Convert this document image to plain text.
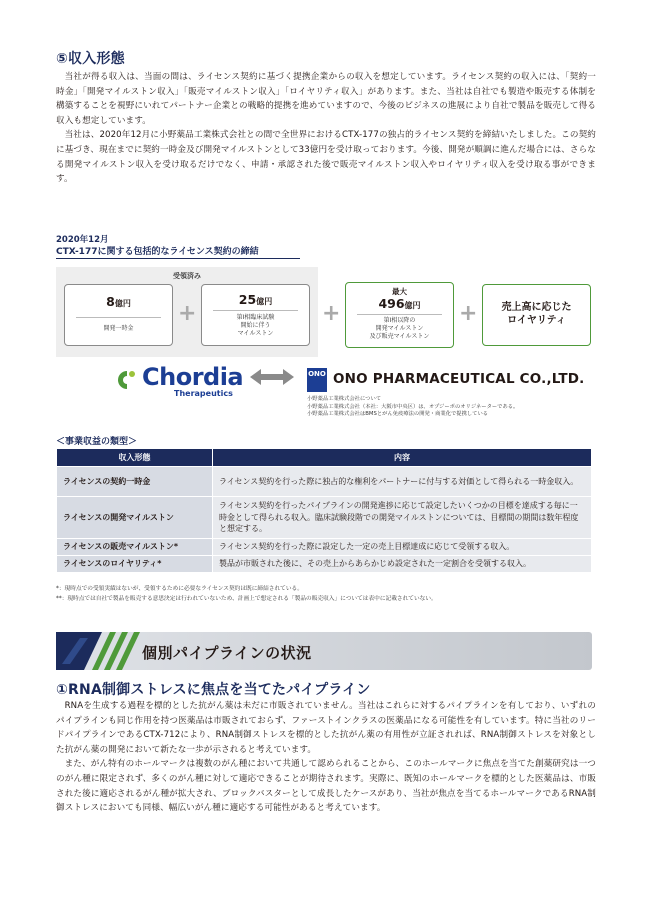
⑤収入形態

当社が得る収入は、当面の間は、ライセンス契約に基づく提携企業からの収入を想定しています。ライセンス契約の収入には、「契約一時金」「開発マイルストン収入」「販売マイルストン収入」「ロイヤリティ収入」があります。また、当社は自社でも製造や販売する体制を構築することを視野にいれてパートナー企業との戦略的提携を進めていますので、今後のビジネスの進展により自社で製品を販売して得る収入も想定しています。

当社は、2020年12月に小野薬品工業株式会社との間で全世界におけるCTX-177の独占的ライセンス契約を締結いたしました。この契約に基づき、現在までに契約一時金及び開発マイルストンとして33億円を受け取っております。今後、開発が順調に進んだ場合には、さらなる開発マイルストン収入を受け取るだけでなく、申請・承認された後で販売マイルストン収入やロイヤリティ収入を受け取る事ができます。

2020年12月
CTX-177に関する包括的なライセンス契約の締結
受領済み
8億円
開発一時金
+
25億円
第Ⅰ相臨床試験
開始に伴う
マイルストン
+
最大
496億円
第Ⅰ相以降の
開発マイルストン
及び販売マイルストン
+	売上高に応じた
ロイヤリティ
Chordia
Therapeutics
ONO ONO PHARMACEUTICAL CO.,LTD.
小野薬品工業株式会社について
小野薬品工業株式会社（本社：大阪市中央区）は、オプジーボのオリジネーターである。
小野薬品工業株式会社はBMSとがん免疫療法の開発・商業化で提携している
＜事業収益の類型＞
収入形態	内容
ライセンスの契約一時金	ライセンス契約を行った際に独占的な権利をパートナーに付与する対価として得られる一時金収入。
ライセンスの開発マイルストン	ライセンス契約を行ったパイプラインの開発進捗に応じて設定したいくつかの目標を達成する毎に一時金として得られる収入。臨床試験段階での開発マイルストンについては、目標間の期間は数年程度と想定する。
ライセンスの販売マイルストン*	ライセンス契約を行った際に設定した一定の売上目標達成に応じて受領する収入。
ライセンスのロイヤリティ*	製品が市販された後に、その売上からあらかじめ設定された一定割合を受領する収入。
*：現時点での受領実績はないが、受領するために必要なライセンス契約は既に締結されている。
**：現時点では自社で製品を販売する意思決定は行われていないため、計画上で想定される「製品の販売収入」については表中に記載されていない。
個別パイプラインの状況
①RNA制御ストレスに焦点を当てたパイプライン

RNAを生成する過程を標的とした抗がん薬は未だに市販されていません。当社はこれらに対するパイプラインを有しており、いずれのパイプラインも同じ作用を持つ医薬品は市販されておらず、ファーストインクラスの医薬品になる可能性を有しています。特に当社のリードパイプラインであるCTX-712により、RNA制御ストレスを標的とした抗がん薬の有用性が立証されれば、RNA制御ストレスを対象とした抗がん薬の開発において新たな一歩が示されると考えています。

また、がん特有のホールマークは複数のがん種において共通して認められることから、このホールマークに焦点を当てた創薬研究は一つのがん種に限定されず、多くのがん種に対して適応できることが期待されます。実際に、既知のホールマークを標的とした医薬品は、市販された後に適応されるがん種が拡大され、ブロックバスターとして成長したケースがあり、当社が焦点を当てるホールマークであるRNA制御ストレスにおいても同様、幅広いがん種に適応する可能性があると考えています。
